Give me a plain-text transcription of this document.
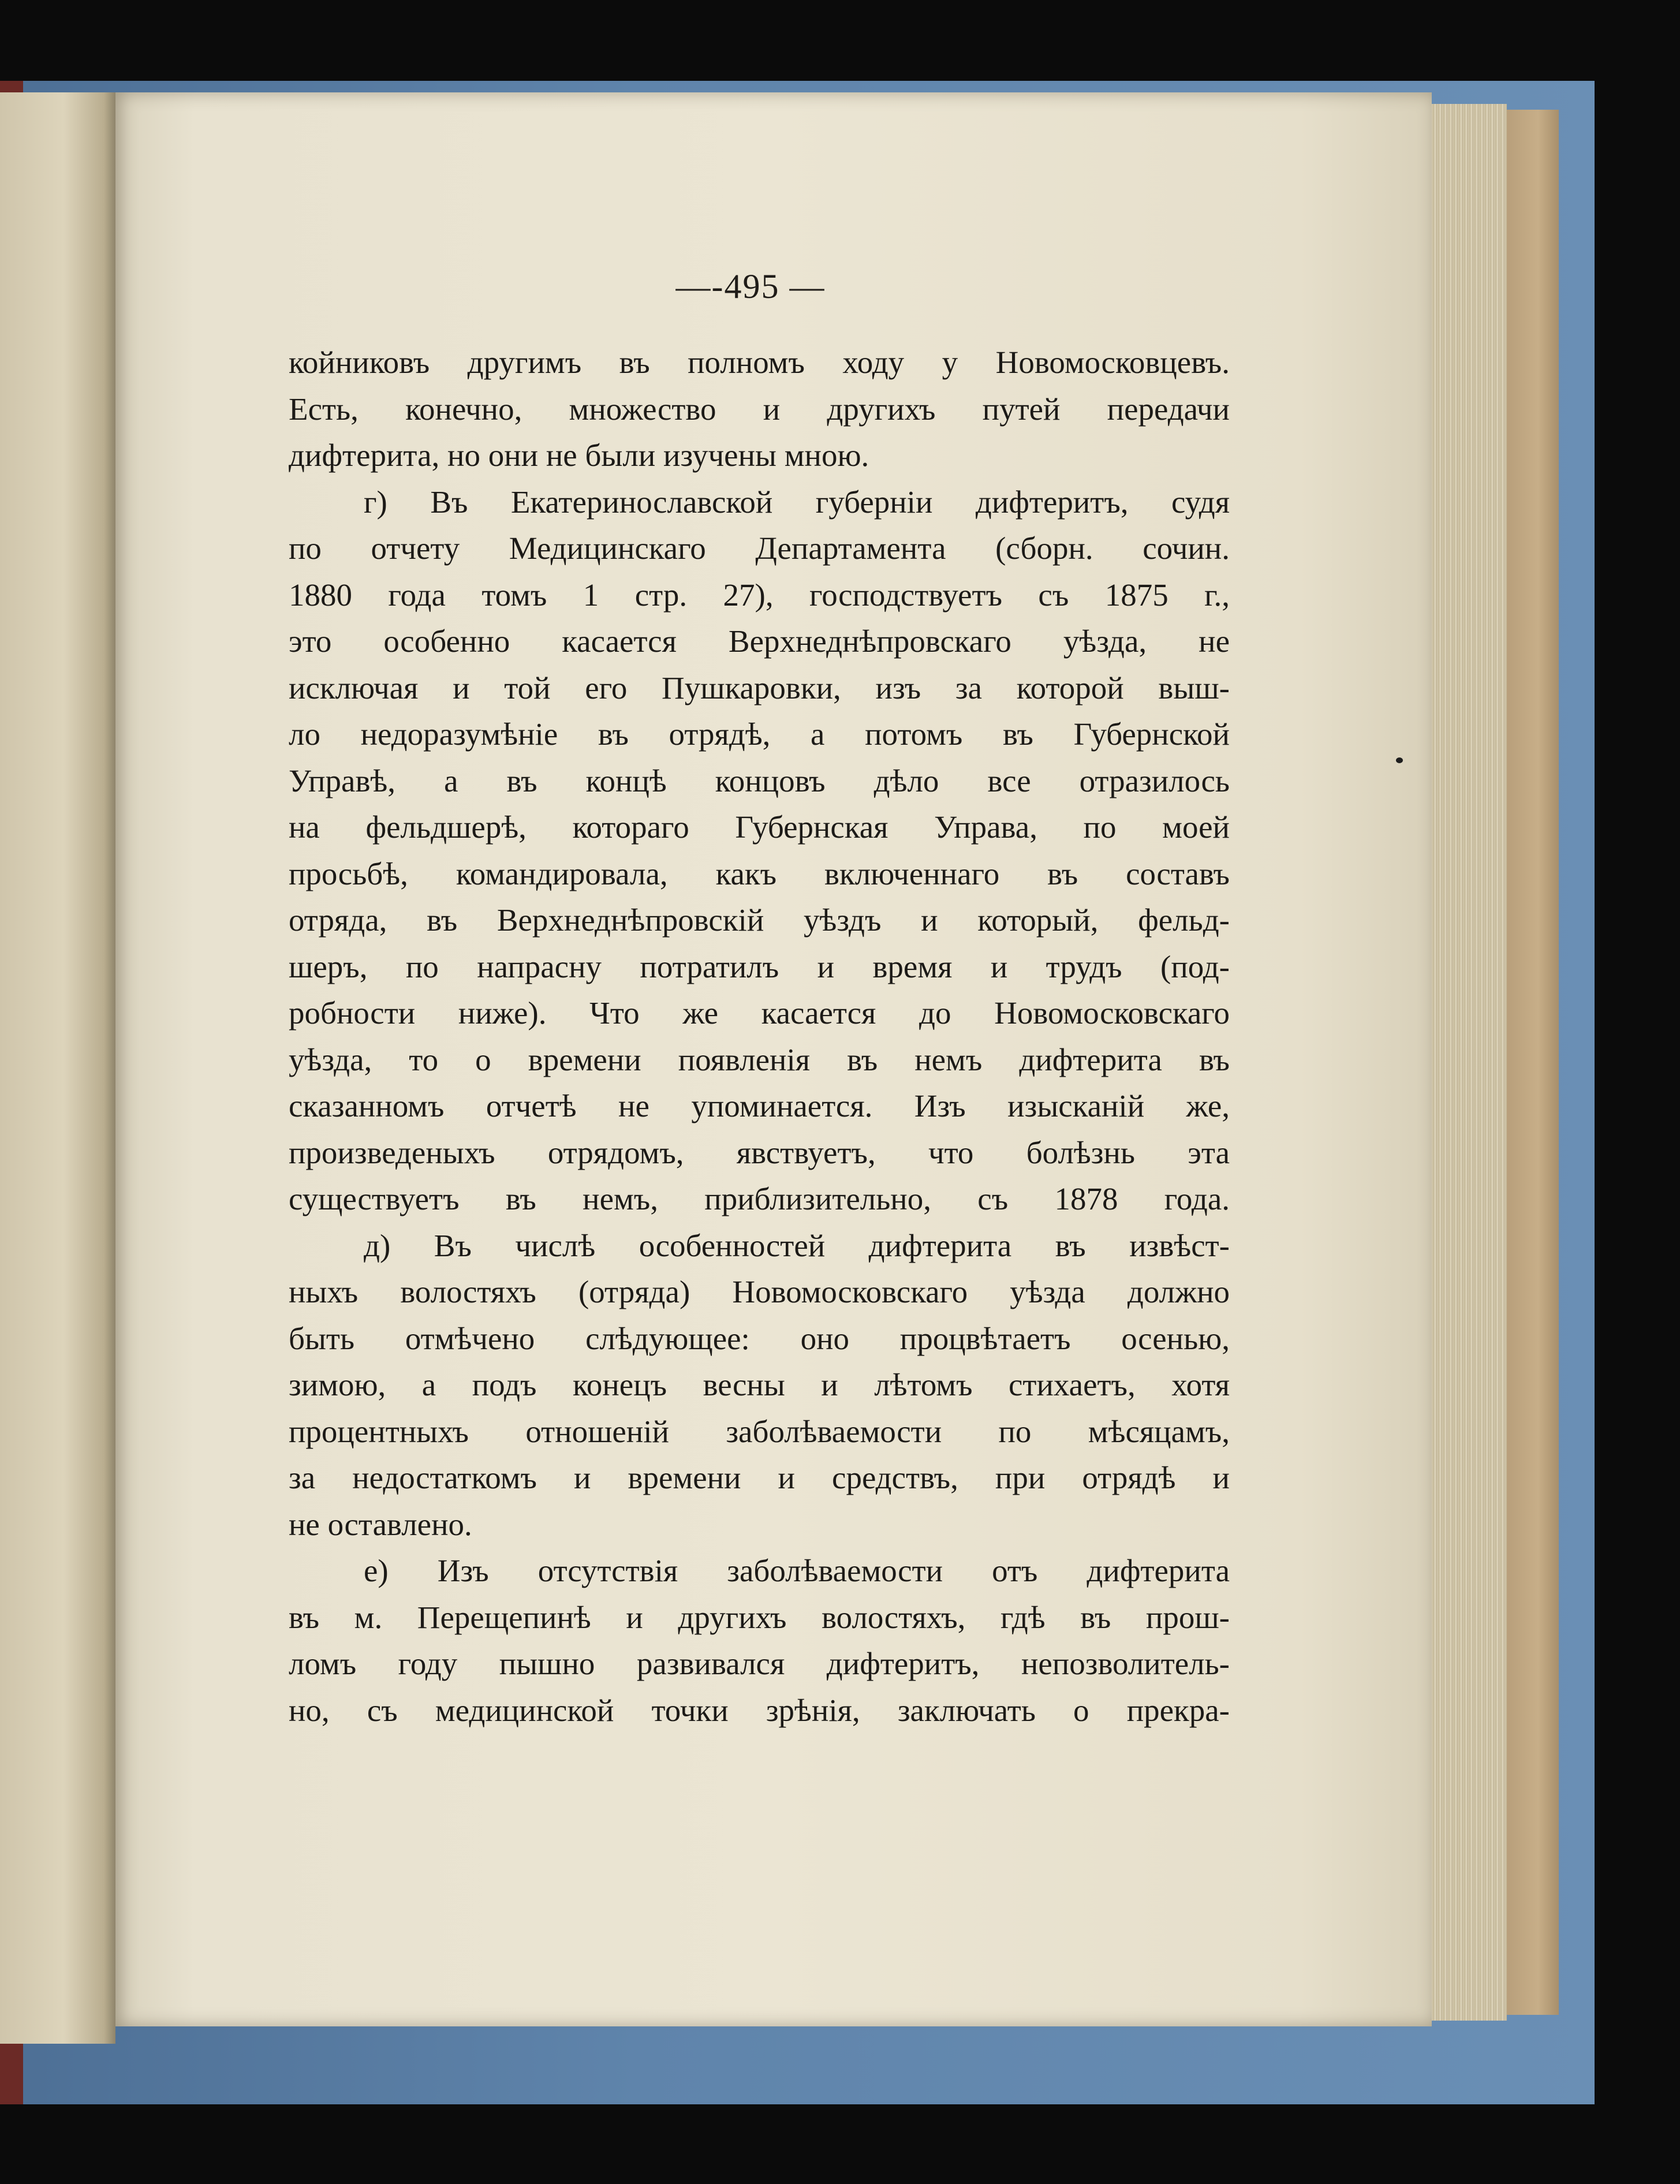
—-495 —
койниковъ другимъ въ полномъ ходу у Новомосковцевъ.
Есть, конечно, множество и другихъ путей передачи
дифтерита, но они не были изучены мною.
г) Въ Екатеринославской губерніи дифтеритъ, судя
по отчету Медицинскаго Департамента (сборн. сочин.
1880 года томъ 1 стр. 27), господствуетъ съ 1875 г.,
это особенно касается Верхнеднѣпровскаго уѣзда, не
исключая и той его Пушкаровки, изъ за которой выш-
ло недоразумѣніе въ отрядѣ, а потомъ въ Губернской
Управѣ, а въ концѣ концовъ дѣло все отразилось
на фельдшерѣ, котораго Губернская Управа, по моей
просьбѣ, командировала, какъ включеннаго въ составъ
отряда, въ Верхнеднѣпровскій уѣздъ и который, фельд-
шеръ, по напрасну потратилъ и время и трудъ (под-
робности ниже). Что же касается до Новомосковскаго
уѣзда, то о времени появленія въ немъ дифтерита въ
сказанномъ отчетѣ не упоминается. Изъ изысканій же,
произведеныхъ отрядомъ, явствуетъ, что болѣзнь эта
существуетъ въ немъ, приблизительно, съ 1878 года.
д) Въ числѣ особенностей дифтерита въ извѣст-
ныхъ волостяхъ (отряда) Новомосковскаго уѣзда должно
быть отмѣчено слѣдующее: оно процвѣтаетъ осенью,
зимою, а подъ конецъ весны и лѣтомъ стихаетъ, хотя
процентныхъ отношеній заболѣваемости по мѣсяцамъ,
за недостаткомъ и времени и средствъ, при отрядѣ и
не оставлено.
е) Изъ отсутствія заболѣваемости отъ дифтерита
въ м. Перещепинѣ и другихъ волостяхъ, гдѣ въ прош-
ломъ году пышно развивался дифтеритъ, непозволитель-
но, съ медицинской точки зрѣнія, заключать о прекра-
